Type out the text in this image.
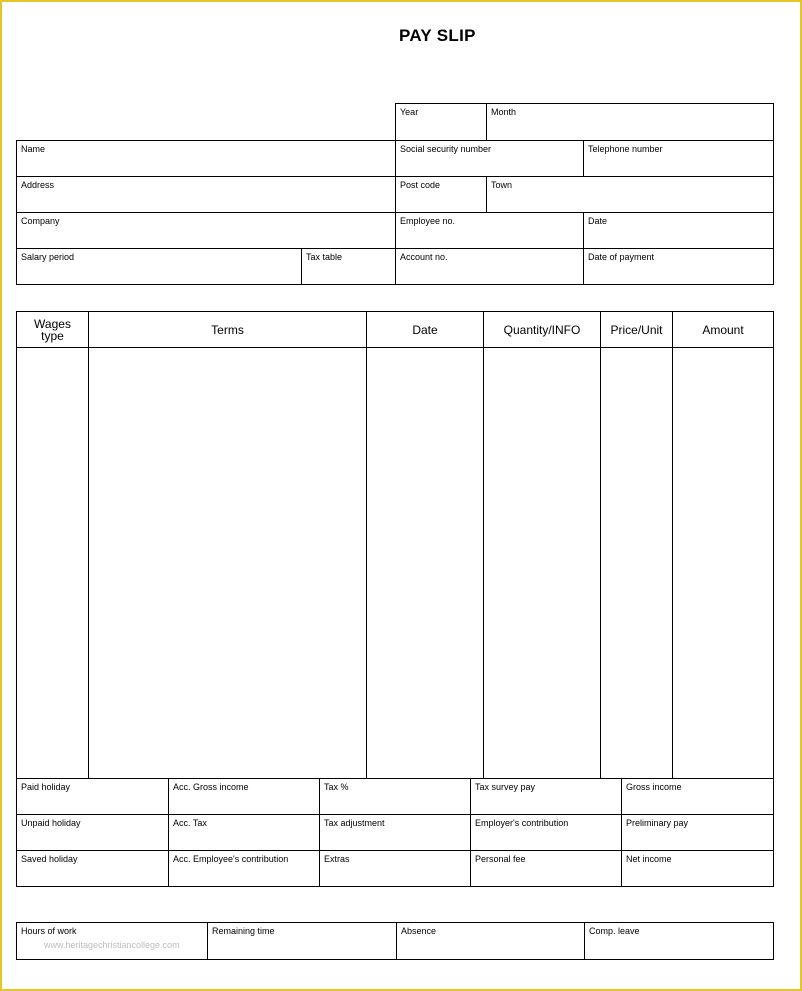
PAY SLIP
Year	Month
Name	Social security number	Telephone number
Address	Post code	Town
Company	Employee no.	Date
Salary period	Tax table	Account no.	Date of payment
Wages type	Terms	Date	Quantity/INFO	Price/Unit	Amount
Paid holiday	Acc. Gross income	Tax %	Tax survey pay	Gross income
Unpaid holiday	Acc. Tax	Tax adjustment	Employer's contribution	Preliminary pay
Saved holiday	Acc. Employee's contribution	Extras	Personal fee	Net income
Hours of work	Remaining time	Absence	Comp. leave
www.heritagechristiancollege.com
